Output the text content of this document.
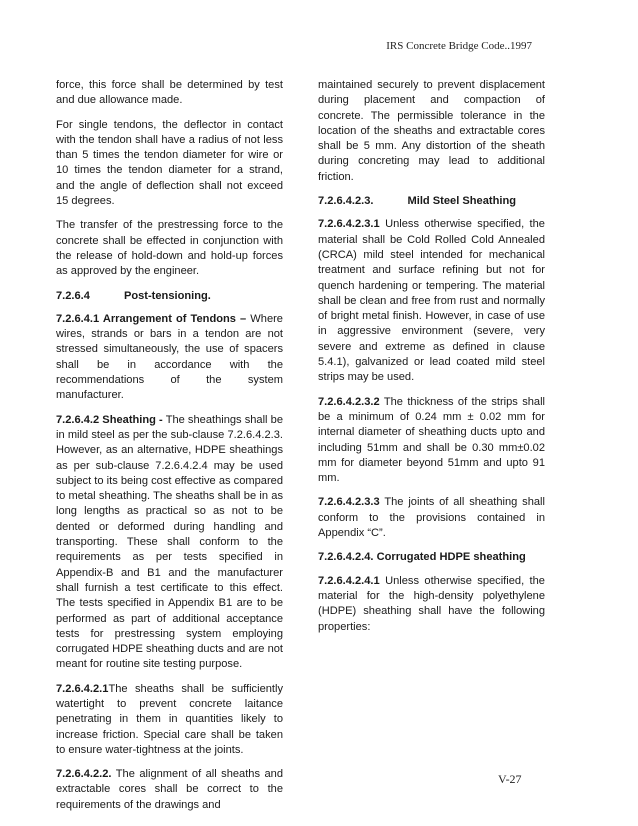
IRS Concrete Bridge Code..1997

force, this force shall be determined by test and due allowance made.

For single tendons, the deflector in contact with the tendon shall have a radius of not less than 5 times the tendon diameter for wire or 10 times the tendon diameter for a strand, and the angle of deflection shall not exceed 15 degrees.

The transfer of the prestressing force to the concrete shall be effected in conjunction with the release of hold-down and hold-up forces as approved by the engineer.

7.2.6.4	Post-tensioning.

7.2.6.4.1 Arrangement of Tendons – Where wires, strands or bars in a tendon are not stressed simultaneously, the use of spacers shall be in accordance with the recommendations of the system manufacturer.

7.2.6.4.2 Sheathing - The sheathings shall be in mild steel as per the sub-clause 7.2.6.4.2.3. However, as an alternative, HDPE sheathings as per sub-clause 7.2.6.4.2.4 may be used subject to its being cost effective as compared to metal sheathing. The sheaths shall be in as long lengths as practical so as not to be dented or deformed during handling and transporting. These shall conform to the requirements as per tests specified in Appendix-B and B1 and the manufacturer shall furnish a test certificate to this effect. The tests specified in Appendix B1 are to be performed as part of additional acceptance tests for prestressing system employing corrugated HDPE sheathing ducts and are not meant for routine site testing purpose.

7.2.6.4.2.1The sheaths shall be sufficiently watertight to prevent concrete laitance penetrating in them in quantities likely to increase friction. Special care shall be taken to ensure water-tightness at the joints.

7.2.6.4.2.2. The alignment of all sheaths and extractable cores shall be correct to the requirements of the drawings and

maintained securely to prevent displacement during placement and compaction of concrete. The permissible tolerance in the location of the sheaths and extractable cores shall be 5 mm. Any distortion of the sheath during concreting may lead to additional friction.

7.2.6.4.2.3.	Mild Steel Sheathing

7.2.6.4.2.3.1 Unless otherwise specified, the material shall be Cold Rolled Cold Annealed (CRCA) mild steel intended for mechanical treatment and surface refining but not for quench hardening or tempering. The material shall be clean and free from rust and normally of bright metal finish. However, in case of use in aggressive environment (severe, very severe and extreme as defined in clause 5.4.1), galvanized or lead coated mild steel strips may be used.

7.2.6.4.2.3.2 The thickness of the strips shall be a minimum of 0.24 mm ± 0.02 mm for internal diameter of sheathing ducts upto and including 51mm and shall be 0.30 mm±0.02 mm for diameter beyond 51mm and upto 91 mm.

7.2.6.4.2.3.3 The joints of all sheathing shall conform to the provisions contained in Appendix “C”.

7.2.6.4.2.4. Corrugated HDPE sheathing

7.2.6.4.2.4.1 Unless otherwise specified, the material for the high-density polyethylene (HDPE) sheathing shall have the following properties:

V-27
